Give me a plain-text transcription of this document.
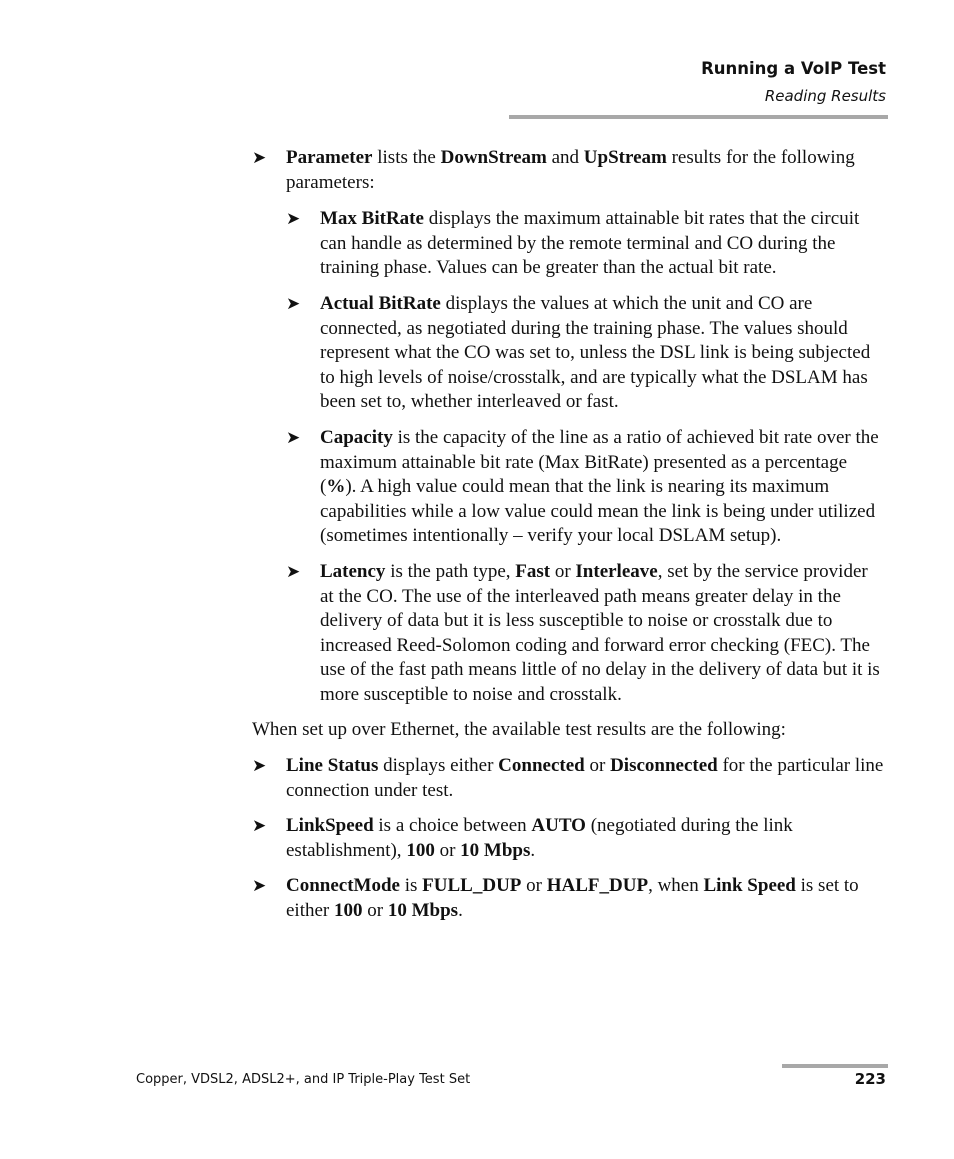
Running a VoIP Test
Reading Results
➤	Parameter lists the DownStream and UpStream results for the following parameters:
➤	Max BitRate displays the maximum attainable bit rates that the circuit can handle as determined by the remote terminal and CO during the training phase. Values can be greater than the actual bit rate.
➤	Actual BitRate displays the values at which the unit and CO are connected, as negotiated during the training phase. The values should represent what the CO was set to, unless the DSL link is being subjected to high levels of noise/crosstalk, and are typically what the DSLAM has been set to, whether interleaved or fast.
➤	Capacity is the capacity of the line as a ratio of achieved bit rate over the maximum attainable bit rate (Max BitRate) presented as a percentage (%). A high value could mean that the link is nearing its maximum capabilities while a low value could mean the link is being under utilized (sometimes intentionally – verify your local DSLAM setup).
➤	Latency is the path type, Fast or Interleave, set by the service provider at the CO. The use of the interleaved path means greater delay in the delivery of data but it is less susceptible to noise or crosstalk due to increased Reed-Solomon coding and forward error checking (FEC). The use of the fast path means little of no delay in the delivery of data but it is more susceptible to noise and crosstalk.

When set up over Ethernet, the available test results are the following:

➤	Line Status displays either Connected or Disconnected for the particular line connection under test.
➤	LinkSpeed is a choice between AUTO (negotiated during the link establishment), 100 or 10 Mbps.
➤	ConnectMode is FULL_DUP or HALF_DUP, when Link Speed is set to either 100 or 10 Mbps.
Copper, VDSL2, ADSL2+, and IP Triple-Play Test Set	223
